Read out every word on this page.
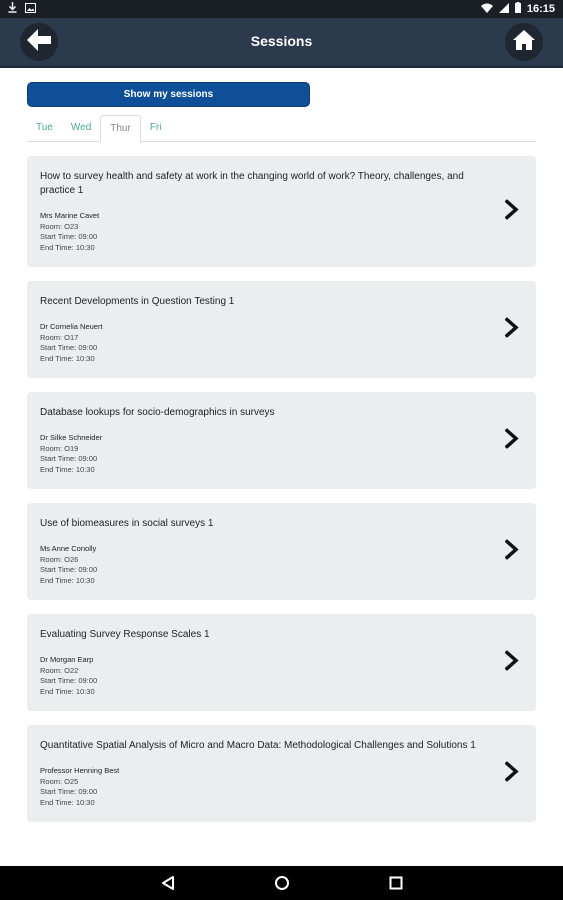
16:15
Sessions
Show my sessions
Tue	Wed	Thur	Fri
How to survey health and safety at work in the changing world of work? Theory, challenges, and practice 1
Mrs Marine Cavet
Room: O23
Start Time: 09:00
End Time: 10:30
Recent Developments in Question Testing 1
Dr Cornelia Neuert
Room: O17
Start Time: 09:00
End Time: 10:30
Database lookups for socio-demographics in surveys
Dr Silke Schneider
Room: O19
Start Time: 09:00
End Time: 10:30
Use of biomeasures in social surveys 1
Ms Anne Conolly
Room: O26
Start Time: 09:00
End Time: 10:30
Evaluating Survey Response Scales 1
Dr Morgan Earp
Room: O22
Start Time: 09:00
End Time: 10:30
Quantitative Spatial Analysis of Micro and Macro Data: Methodological Challenges and Solutions 1
Professor Henning Best
Room: O25
Start Time: 09:00
End Time: 10:30
